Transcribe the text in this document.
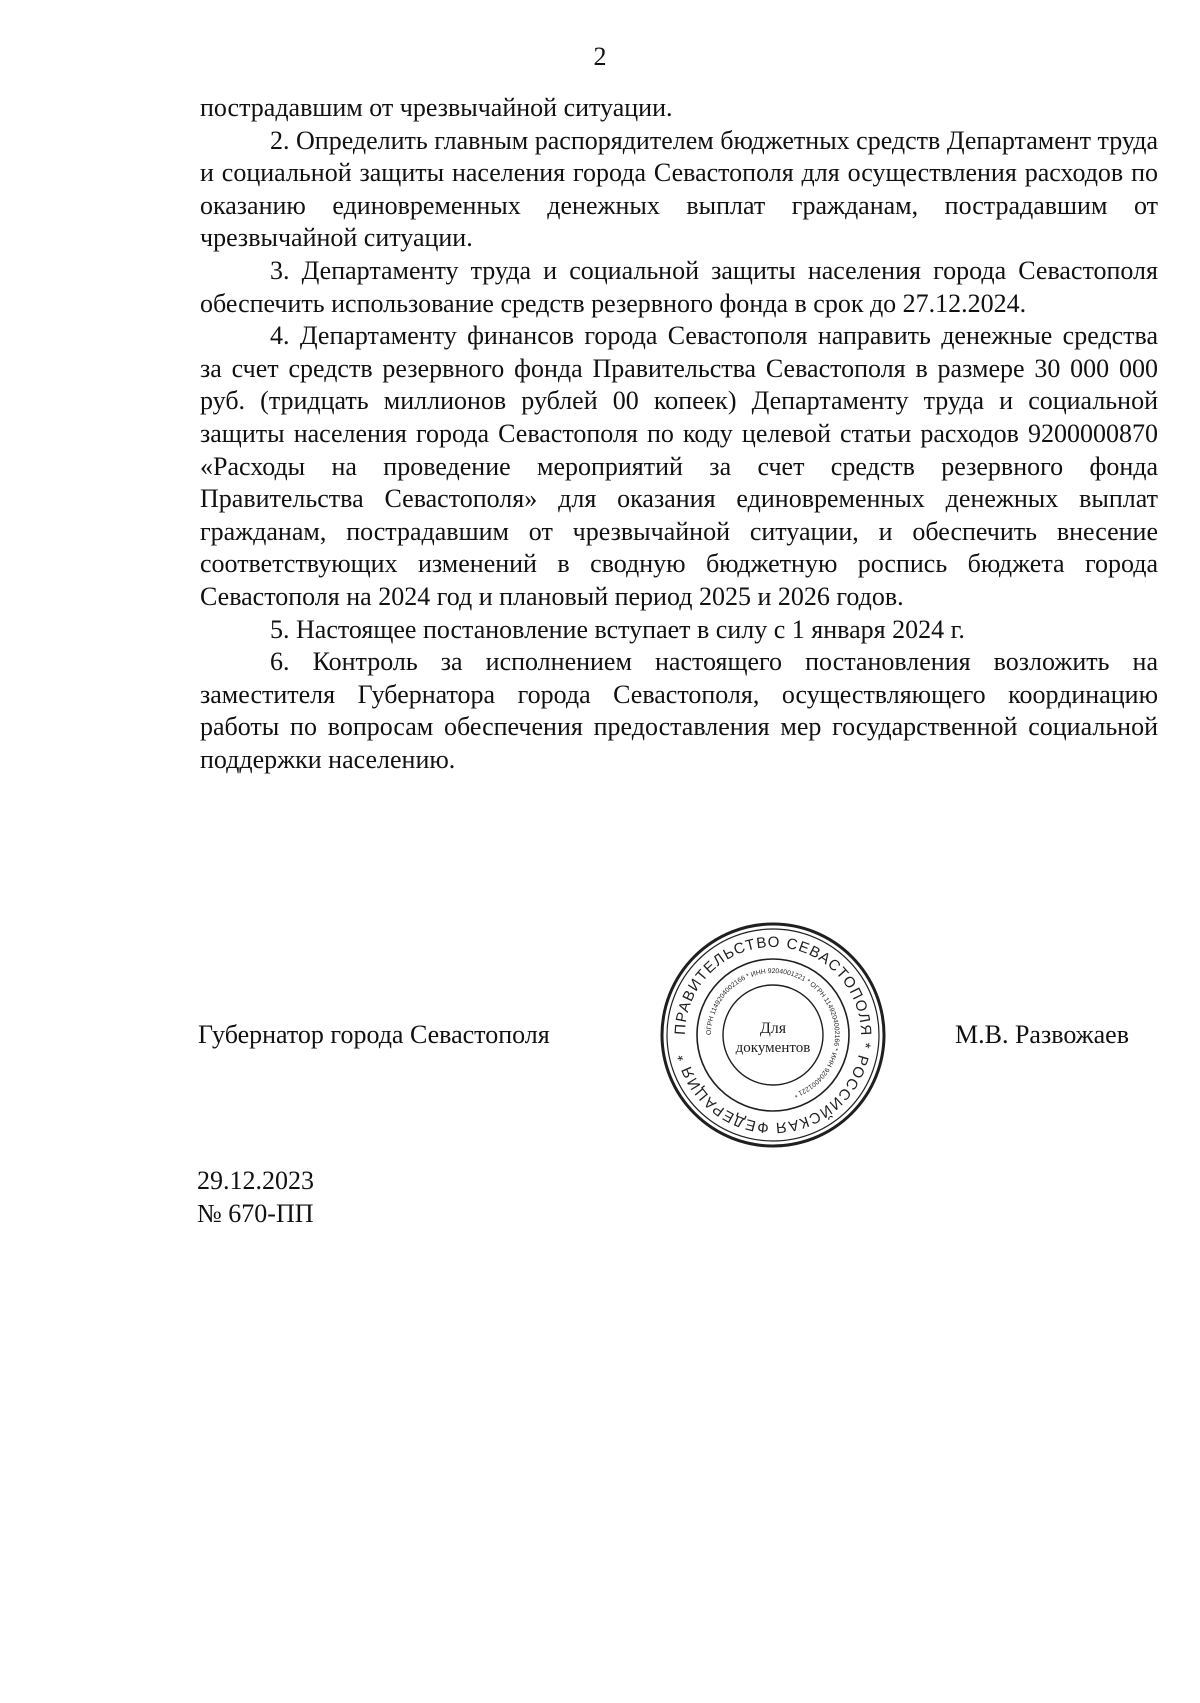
2

пострадавшим от чрезвычайной ситуации.

2. Определить главным распорядителем бюджетных средств Департамент труда и социальной защиты населения города Севастополя для осуществления расходов по оказанию единовременных денежных выплат гражданам, пострадавшим от чрезвычайной ситуации.

3. Департаменту труда и социальной защиты населения города Севастополя обеспечить использование средств резервного фонда в срок до 27.12.2024.

4. Департаменту финансов города Севастополя направить денежные средства за счет средств резервного фонда Правительства Севастополя в размере 30 000 000 руб. (тридцать миллионов рублей 00 копеек) Департаменту труда и социальной защиты населения города Севастополя по коду целевой статьи расходов 9200000870 «Расходы на проведение мероприятий за счет средств резервного фонда Правительства Севастополя» для оказания единовременных денежных выплат гражданам, пострадавшим от чрезвычайной ситуации, и обеспечить внесение соответствующих изменений в сводную бюджетную роспись бюджета города Севастополя на 2024 год и плановый период 2025 и 2026 годов.

5. Настоящее постановление вступает в силу с 1 января 2024 г.

6. Контроль за исполнением настоящего постановления возложить на заместителя Губернатора города Севастополя, осуществляющего координацию работы по вопросам обеспечения предоставления мер государственной социальной поддержки населению.

Губернатор города Севастополя	ПРАВИТЕЛЬСТВО СЕВАСТОПОЛЯ * РОССИЙСКАЯ ФЕДЕРАЦИЯ *
ОГРН 1149204002166 * ИНН 9204001221 * ОГРН 1149204002166 * ИНН 9204001221 *
Для
документов	М.В. Развожаев
29.12.2023
№ 670-ПП
